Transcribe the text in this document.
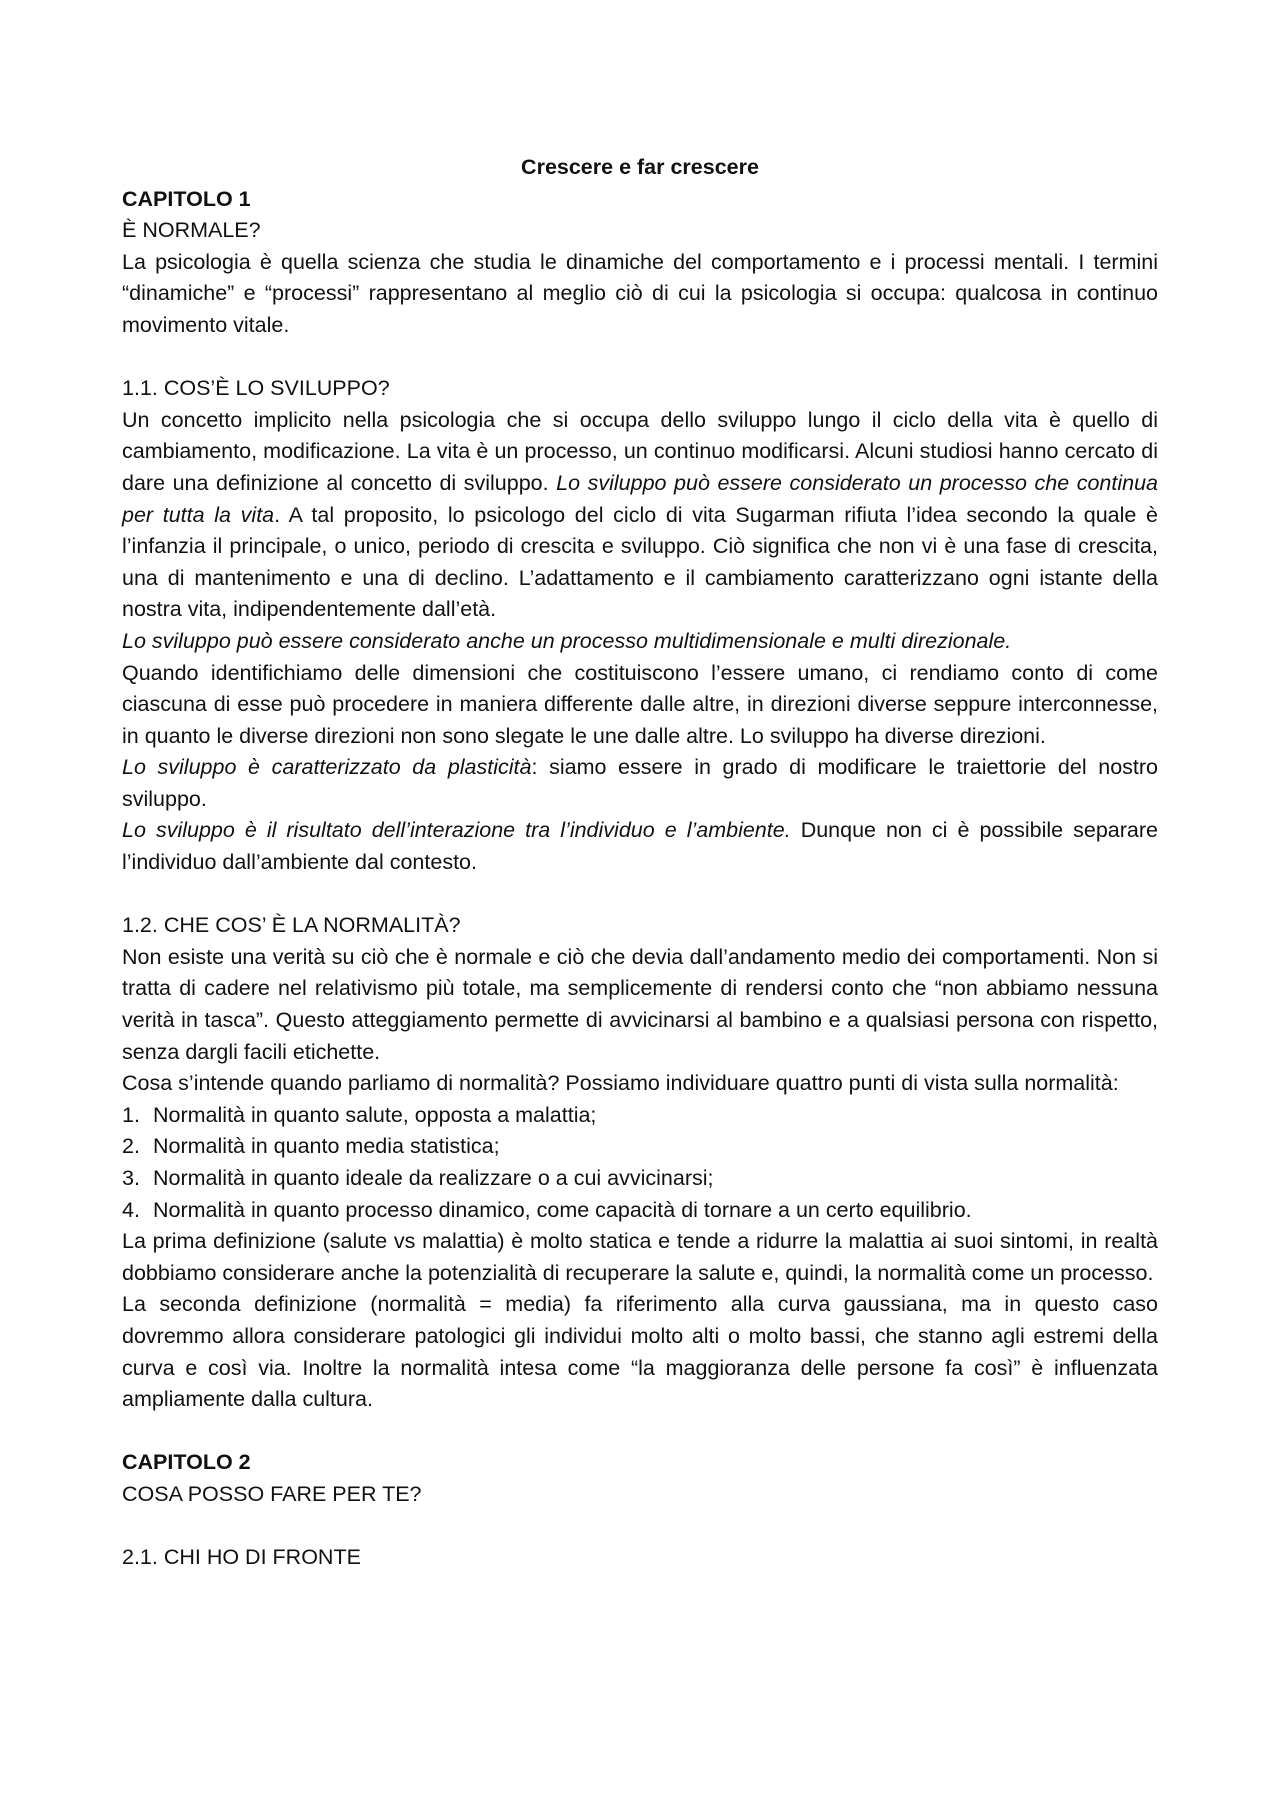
Crescere e far crescere
CAPITOLO 1
È NORMALE?
La psicologia è quella scienza che studia le dinamiche del comportamento e i processi mentali. I termini “dinamiche” e “processi” rappresentano al meglio ciò di cui la psicologia si occupa: qualcosa in continuo movimento vitale.
1.1. COS’È LO SVILUPPO?
Un concetto implicito nella psicologia che si occupa dello sviluppo lungo il ciclo della vita è quello di cambiamento, modificazione. La vita è un processo, un continuo modificarsi. Alcuni studiosi hanno cercato di dare una definizione al concetto di sviluppo. Lo sviluppo può essere considerato un processo che continua per tutta la vita. A tal proposito, lo psicologo del ciclo di vita Sugarman rifiuta l’idea secondo la quale è l’infanzia il principale, o unico, periodo di crescita e sviluppo. Ciò significa che non vi è una fase di crescita, una di mantenimento e una di declino. L’adattamento e il cambiamento caratterizzano ogni istante della nostra vita, indipendentemente dall’età.
Lo sviluppo può essere considerato anche un processo multidimensionale e multi direzionale.
Quando identifichiamo delle dimensioni che costituiscono l’essere umano, ci rendiamo conto di come ciascuna di esse può procedere in maniera differente dalle altre, in direzioni diverse seppure interconnesse, in quanto le diverse direzioni non sono slegate le une dalle altre. Lo sviluppo ha diverse direzioni.
Lo sviluppo è caratterizzato da plasticità: siamo essere in grado di modificare le traiettorie del nostro sviluppo.
Lo sviluppo è il risultato dell’interazione tra l’individuo e l’ambiente. Dunque non ci è possibile separare l’individuo dall’ambiente dal contesto.
1.2. CHE COS’ È LA NORMALITÀ?
Non esiste una verità su ciò che è normale e ciò che devia dall’andamento medio dei comportamenti. Non si tratta di cadere nel relativismo più totale, ma semplicemente di rendersi conto che “non abbiamo nessuna verità in tasca”. Questo atteggiamento permette di avvicinarsi al bambino e a qualsiasi persona con rispetto, senza dargli facili etichette.
Cosa s’intende quando parliamo di normalità? Possiamo individuare quattro punti di vista sulla normalità:
1. Normalità in quanto salute, opposta a malattia;
2. Normalità in quanto media statistica;
3. Normalità in quanto ideale da realizzare o a cui avvicinarsi;
4. Normalità in quanto processo dinamico, come capacità di tornare a un certo equilibrio.
La prima definizione (salute vs malattia) è molto statica e tende a ridurre la malattia ai suoi sintomi, in realtà dobbiamo considerare anche la potenzialità di recuperare la salute e, quindi, la normalità come un processo.
La seconda definizione (normalità = media) fa riferimento alla curva gaussiana, ma in questo caso dovremmo allora considerare patologici gli individui molto alti o molto bassi, che stanno agli estremi della curva e così via. Inoltre la normalità intesa come “la maggioranza delle persone fa così” è influenzata ampliamente dalla cultura.
CAPITOLO 2
COSA POSSO FARE PER TE?
2.1. CHI HO DI FRONTE
